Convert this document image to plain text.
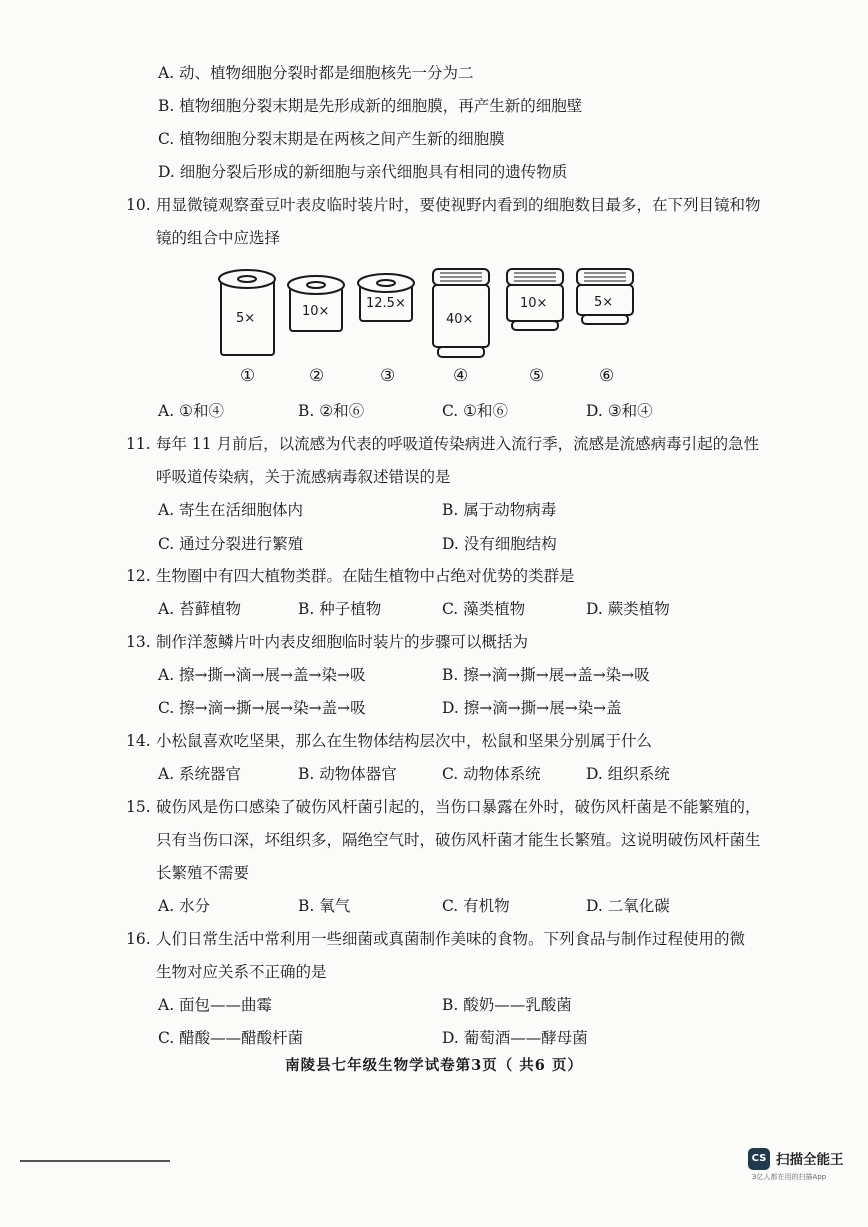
A. 动、植物细胞分裂时都是细胞核先一分为二
B. 植物细胞分裂末期是先形成新的细胞膜，再产生新的细胞壁
C. 植物细胞分裂末期是在两核之间产生新的细胞膜
D. 细胞分裂后形成的新细胞与亲代细胞具有相同的遗传物质
10. 用显微镜观察蚕豆叶表皮临时装片时，要使视野内看到的细胞数目最多，在下列目镜和物
镜的组合中应选择
5×	10×
12.5×
40×
10×	5×
①	②	③	④	⑤	⑥
A. ①和④	B. ②和⑥	C. ①和⑥	D. ③和④
11. 每年 11 月前后，以流感为代表的呼吸道传染病进入流行季，流感是流感病毒引起的急性
呼吸道传染病，关于流感病毒叙述错误的是
A. 寄生在活细胞体内	B. 属于动物病毒
C. 通过分裂进行繁殖	D. 没有细胞结构
12. 生物圈中有四大植物类群。在陆生植物中占绝对优势的类群是
A. 苔藓植物	B. 种子植物	C. 藻类植物	D. 蕨类植物
13. 制作洋葱鳞片叶内表皮细胞临时装片的步骤可以概括为
A. 擦→撕→滴→展→盖→染→吸	B. 擦→滴→撕→展→盖→染→吸
C. 擦→滴→撕→展→染→盖→吸	D. 擦→滴→撕→展→染→盖
14. 小松鼠喜欢吃坚果，那么在生物体结构层次中，松鼠和坚果分别属于什么
A. 系统器官	B. 动物体器官	C. 动物体系统	D. 组织系统
15. 破伤风是伤口感染了破伤风杆菌引起的，当伤口暴露在外时，破伤风杆菌是不能繁殖的，
只有当伤口深，坏组织多，隔绝空气时，破伤风杆菌才能生长繁殖。这说明破伤风杆菌生
长繁殖不需要
A. 水分	B. 氧气	C. 有机物	D. 二氧化碳
16. 人们日常生活中常利用一些细菌或真菌制作美味的食物。下列食品与制作过程使用的微
生物对应关系不正确的是
A. 面包——曲霉	B. 酸奶——乳酸菌
C. 醋酸——醋酸杆菌	D. 葡萄酒——酵母菌
南陵县七年级生物学试卷第3页（ 共6 页）
CS 扫描全能王
3亿人都在用的扫描App
